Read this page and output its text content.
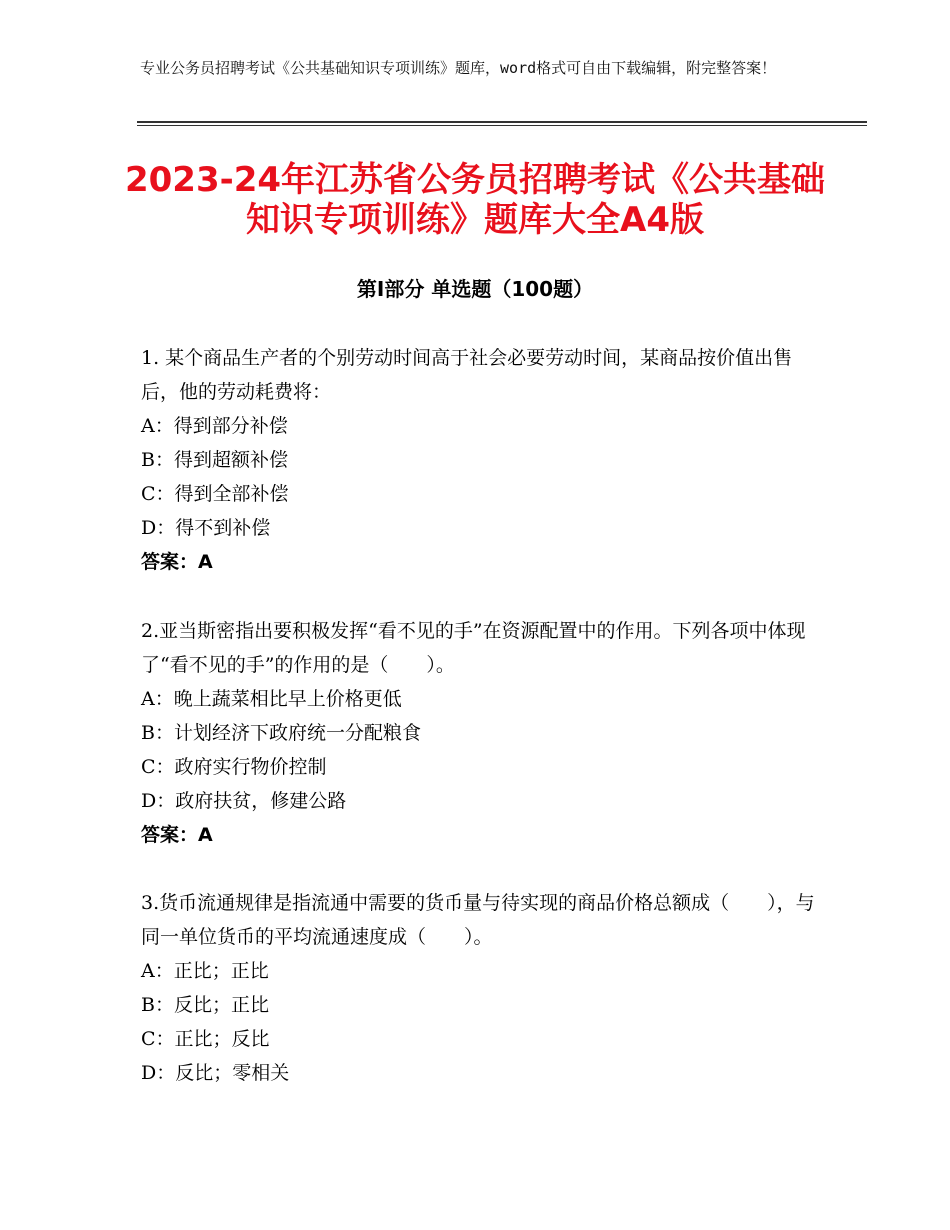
专业公务员招聘考试《公共基础知识专项训练》题库，word格式可自由下载编辑，附完整答案！
2023-24年江苏省公务员招聘考试《公共基础知识专项训练》题库大全A4版
第Ⅰ部分 单选题（100题）

1. 某个商品生产者的个别劳动时间高于社会必要劳动时间，某商品按价值出售后，他的劳动耗费将：

A：得到部分补偿

B：得到超额补偿

C：得到全部补偿

D：得不到补偿

答案：A

2.亚当斯密指出要积极发挥“看不见的手”在资源配置中的作用。下列各项中体现了“看不见的手”的作用的是（　　）。

A：晚上蔬菜相比早上价格更低

B：计划经济下政府统一分配粮食

C：政府实行物价控制

D：政府扶贫，修建公路

答案：A

3.货币流通规律是指流通中需要的货币量与待实现的商品价格总额成（　　），与同一单位货币的平均流通速度成（　　）。

A：正比；正比

B：反比；正比

C：正比；反比

D：反比；零相关
